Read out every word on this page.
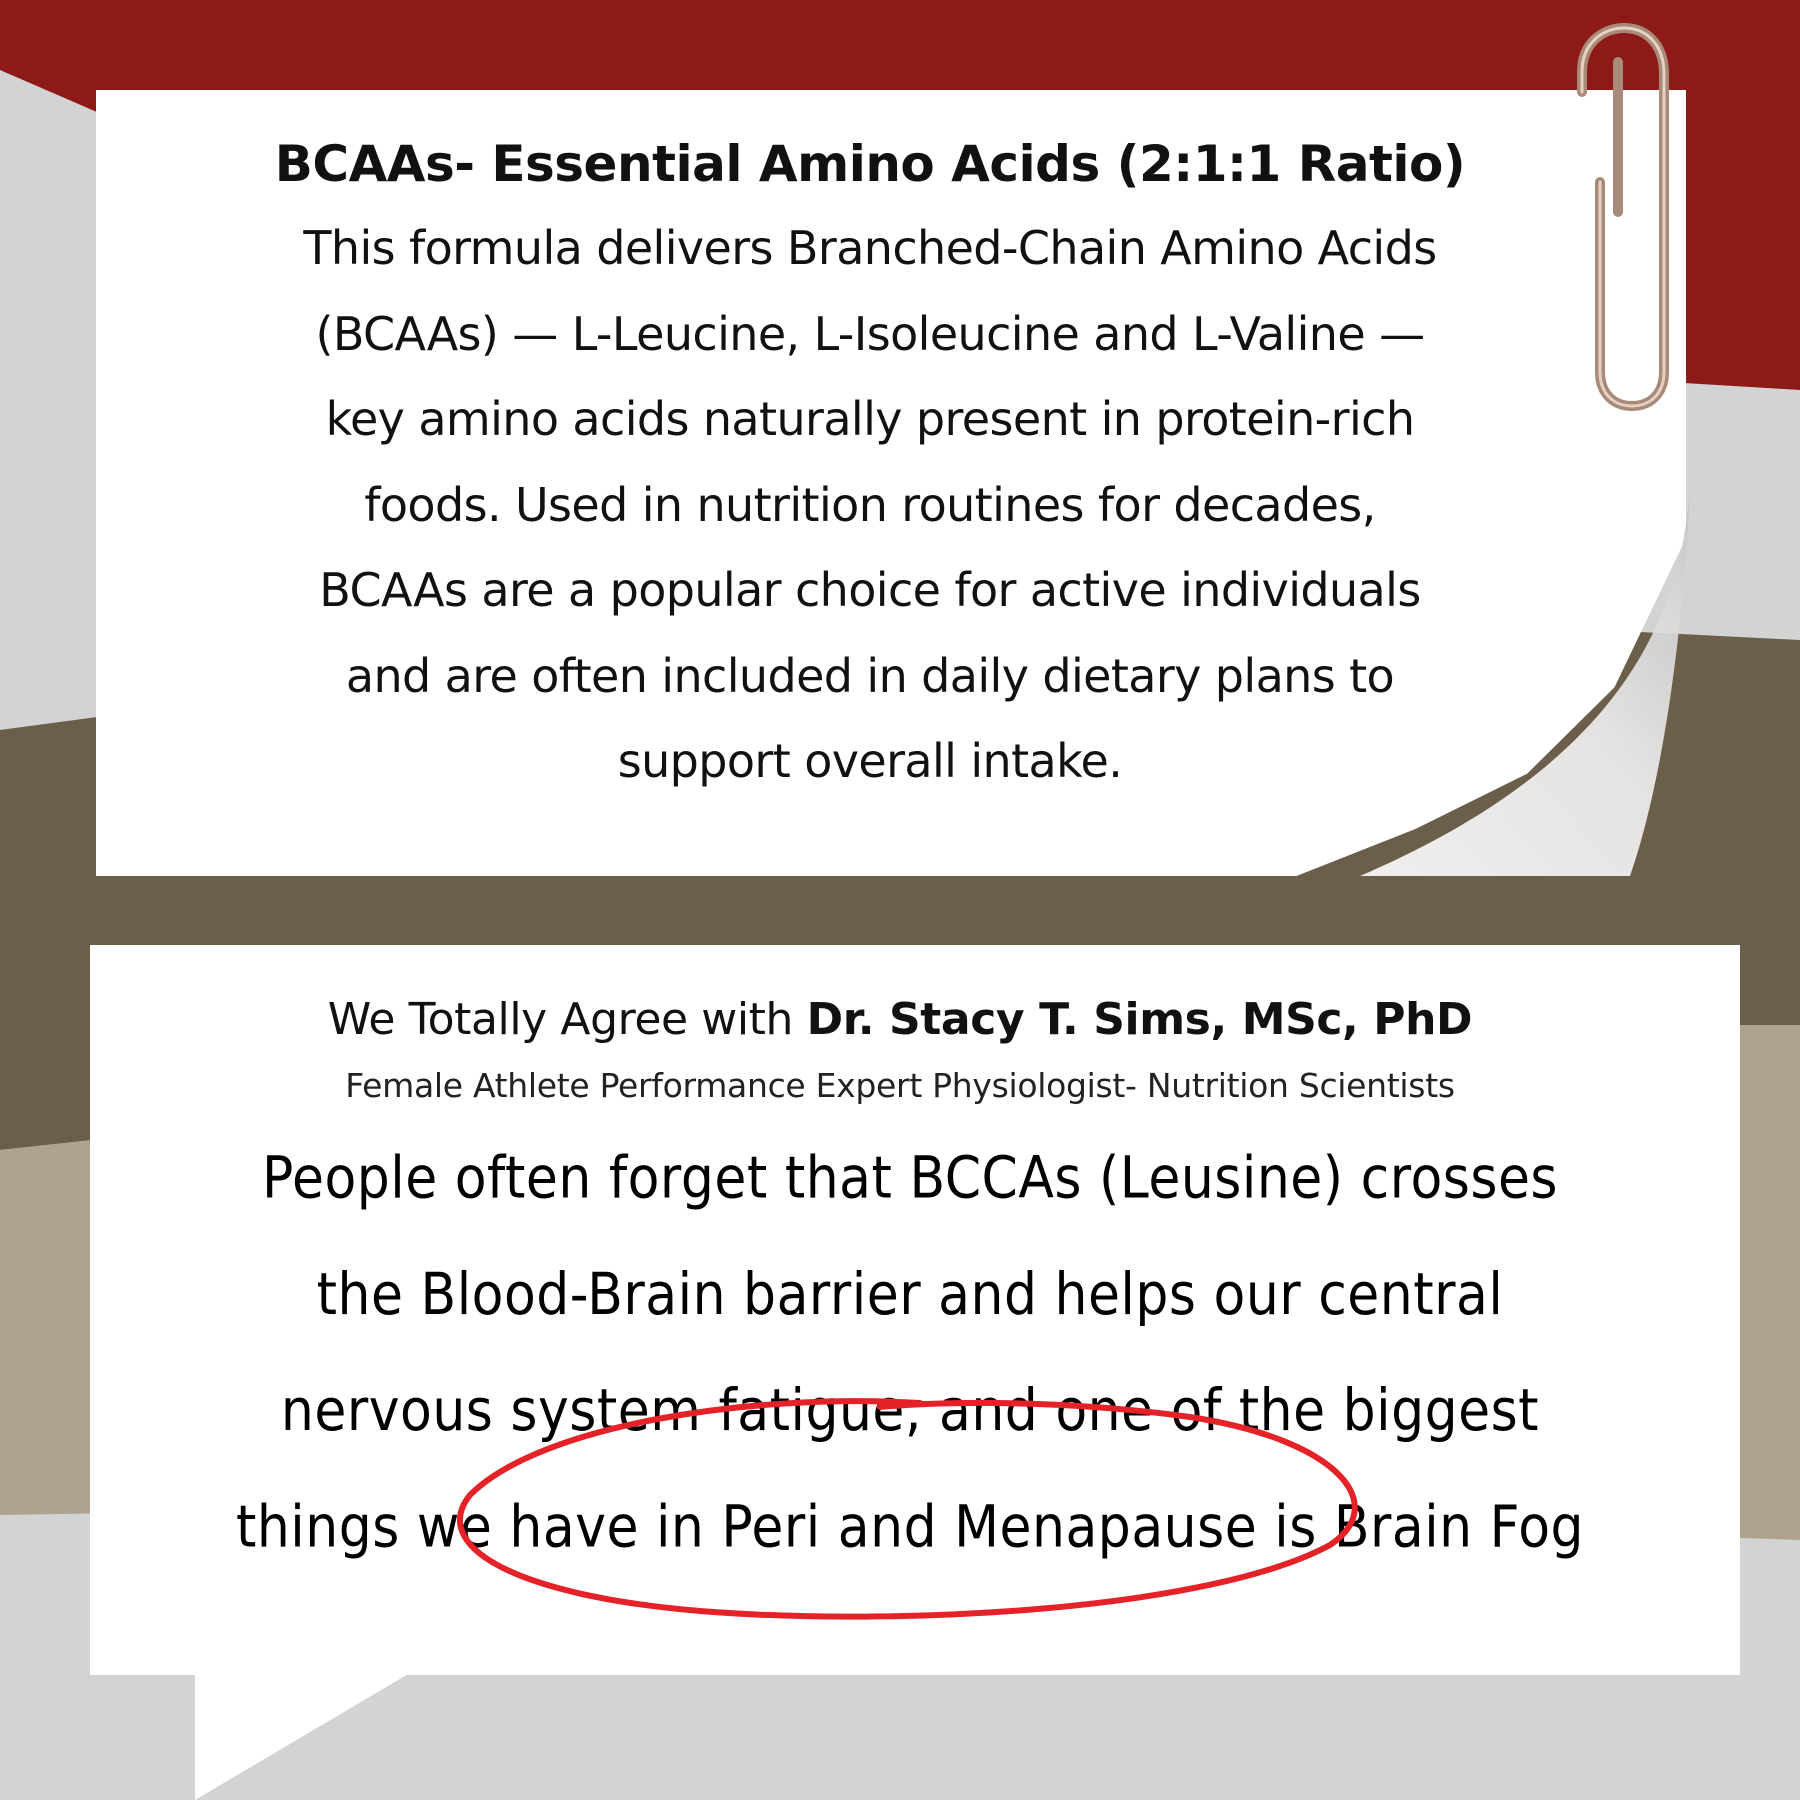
BCAAs- Essential Amino Acids (2:1:1 Ratio)
This formula delivers Branched-Chain Amino Acids
(BCAAs) — L-Leucine, L-Isoleucine and L-Valine —
key amino acids naturally present in protein-rich
foods. Used in nutrition routines for decades,
BCAAs are a popular choice for active individuals
and are often included in daily dietary plans to
support overall intake.
We Totally Agree with Dr. Stacy T. Sims, MSc, PhD
Female Athlete Performance Expert Physiologist- Nutrition Scientists
People often forget that BCCAs (Leusine) crosses
the Blood-Brain barrier and helps our central
nervous system fatigue, and one of the biggest
things we have in Peri and Menapause is Brain Fog
